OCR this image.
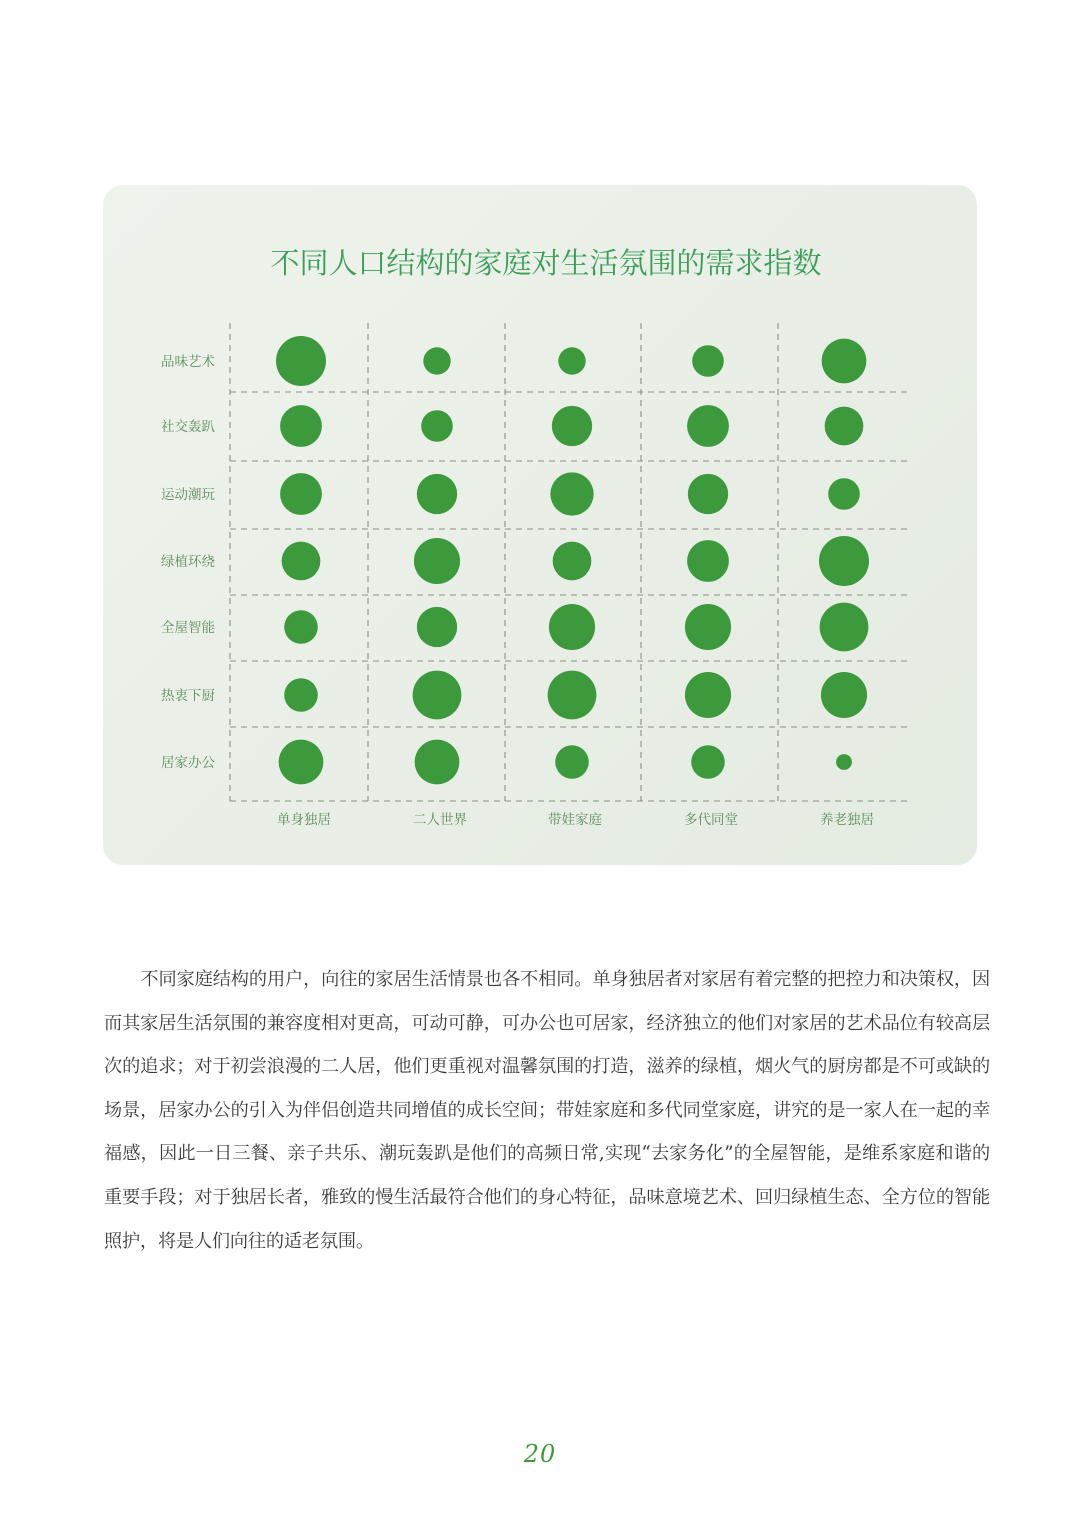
不同人口结构的家庭对生活氛围的需求指数
品味艺术
社交轰趴
运动潮玩
绿植环绕
全屋智能
热衷下厨
居家办公
单身独居	二人世界	带娃家庭	多代同堂	养老独居

不同家庭结构的用户，向往的家居生活情景也各不相同。单身独居者对家居有着完整的把控力和决策权，因而其家居生活氛围的兼容度相对更高，可动可静，可办公也可居家，经济独立的他们对家居的艺术品位有较高层次的追求；对于初尝浪漫的二人居，他们更重视对温馨氛围的打造，滋养的绿植，烟火气的厨房都是不可或缺的场景，居家办公的引入为伴侣创造共同增值的成长空间；带娃家庭和多代同堂家庭，讲究的是一家人在一起的幸福感，因此一日三餐、亲子共乐、潮玩轰趴是他们的高频日常,实现“去家务化”的全屋智能，是维系家庭和谐的重要手段；对于独居长者，雅致的慢生活最符合他们的身心特征，品味意境艺术、回归绿植生态、全方位的智能照护，将是人们向往的适老氛围。

20
